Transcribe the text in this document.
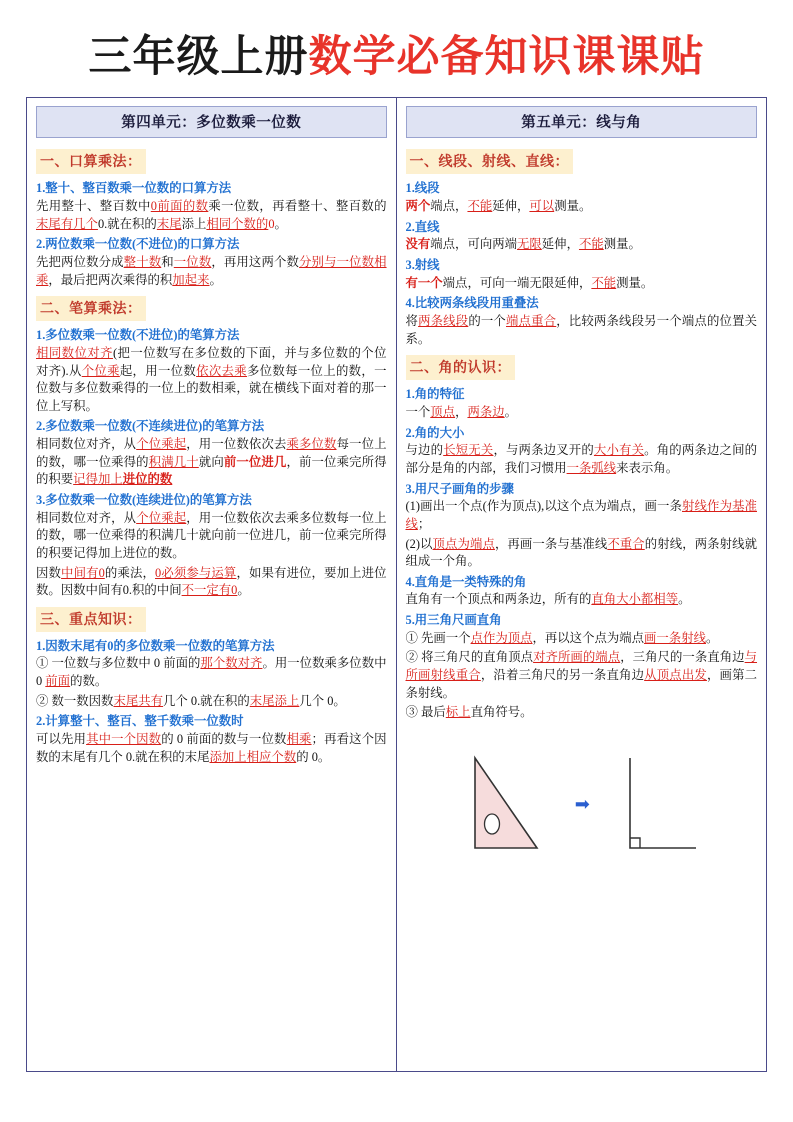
三年级上册数学必备知识课课贴
第四单元：多位数乘一位数
一、口算乘法：
1.整十、整百数乘一位数的口算方法

先用整十、整百数中0前面的数乘一位数，再看整十、整百数的末尾有几个0.就在积的末尾添上相同个数的0。

2.两位数乘一位数(不进位)的口算方法

先把两位数分成整十数和一位数，再用这两个数分别与一位数相乘，最后把两次乘得的积加起来。

二、笔算乘法：
1.多位数乘一位数(不进位)的笔算方法

相同数位对齐(把一位数写在多位数的下面，并与多位数的个位对齐).从个位乘起，用一位数依次去乘多位数每一位上的数，一位数与多位数乘得的一位上的数相乘，就在横线下面对着的那一位上写积。

2.多位数乘一位数(不连续进位)的笔算方法

相同数位对齐，从个位乘起，用一位数依次去乘多位数每一位上的数，哪一位乘得的积满几十就向前一位进几，前一位乘完所得的积要记得加上进位的数

3.多位数乘一位数(连续进位)的笔算方法

相同数位对齐，从个位乘起，用一位数依次去乘多位数每一位上的数，哪一位乘得的积满几十就向前一位进几，前一位乘完所得的积要记得加上进位的数。

因数中间有0的乘法，0必须参与运算，如果有进位，要加上进位数。因数中间有0.积的中间不一定有0。

三、重点知识：
1.因数末尾有0的多位数乘一位数的笔算方法

① 一位数与多位数中 0 前面的那个数对齐。用一位数乘多位数中 0 前面的数。

② 数一数因数末尾共有几个 0.就在积的末尾添上几个 0。

2.计算整十、整百、整千数乘一位数时

可以先用其中一个因数的 0 前面的数与一位数相乘；再看这个因数的末尾有几个 0.就在积的末尾添加上相应个数的 0。

第五单元：线与角
一、线段、射线、直线：
1.线段

两个端点，不能延伸，可以测量。

2.直线

没有端点，可向两端无限延伸，不能测量。

3.射线

有一个端点，可向一端无限延伸，不能测量。

4.比较两条线段用重叠法

将两条线段的一个端点重合，比较两条线段另一个端点的位置关系。

二、角的认识：
1.角的特征

一个顶点，两条边。

2.角的大小

与边的长短无关，与两条边叉开的大小有关。角的两条边之间的部分是角的内部，我们习惯用一条弧线来表示角。

3.用尺子画角的步骤

(1)画出一个点(作为顶点),以这个点为端点，画一条射线作为基准线；

(2)以顶点为端点，再画一条与基准线不重合的射线，两条射线就组成一个角。

4.直角是一类特殊的角

直角有一个顶点和两条边，所有的直角大小都相等。

5.用三角尺画直角

① 先画一个点作为顶点，再以这个点为端点画一条射线。

② 将三角尺的直角顶点对齐所画的端点，三角尺的一条直角边与所画射线重合，沿着三角尺的另一条直角边从顶点出发，画第二条射线。

③ 最后标上直角符号。

➡
